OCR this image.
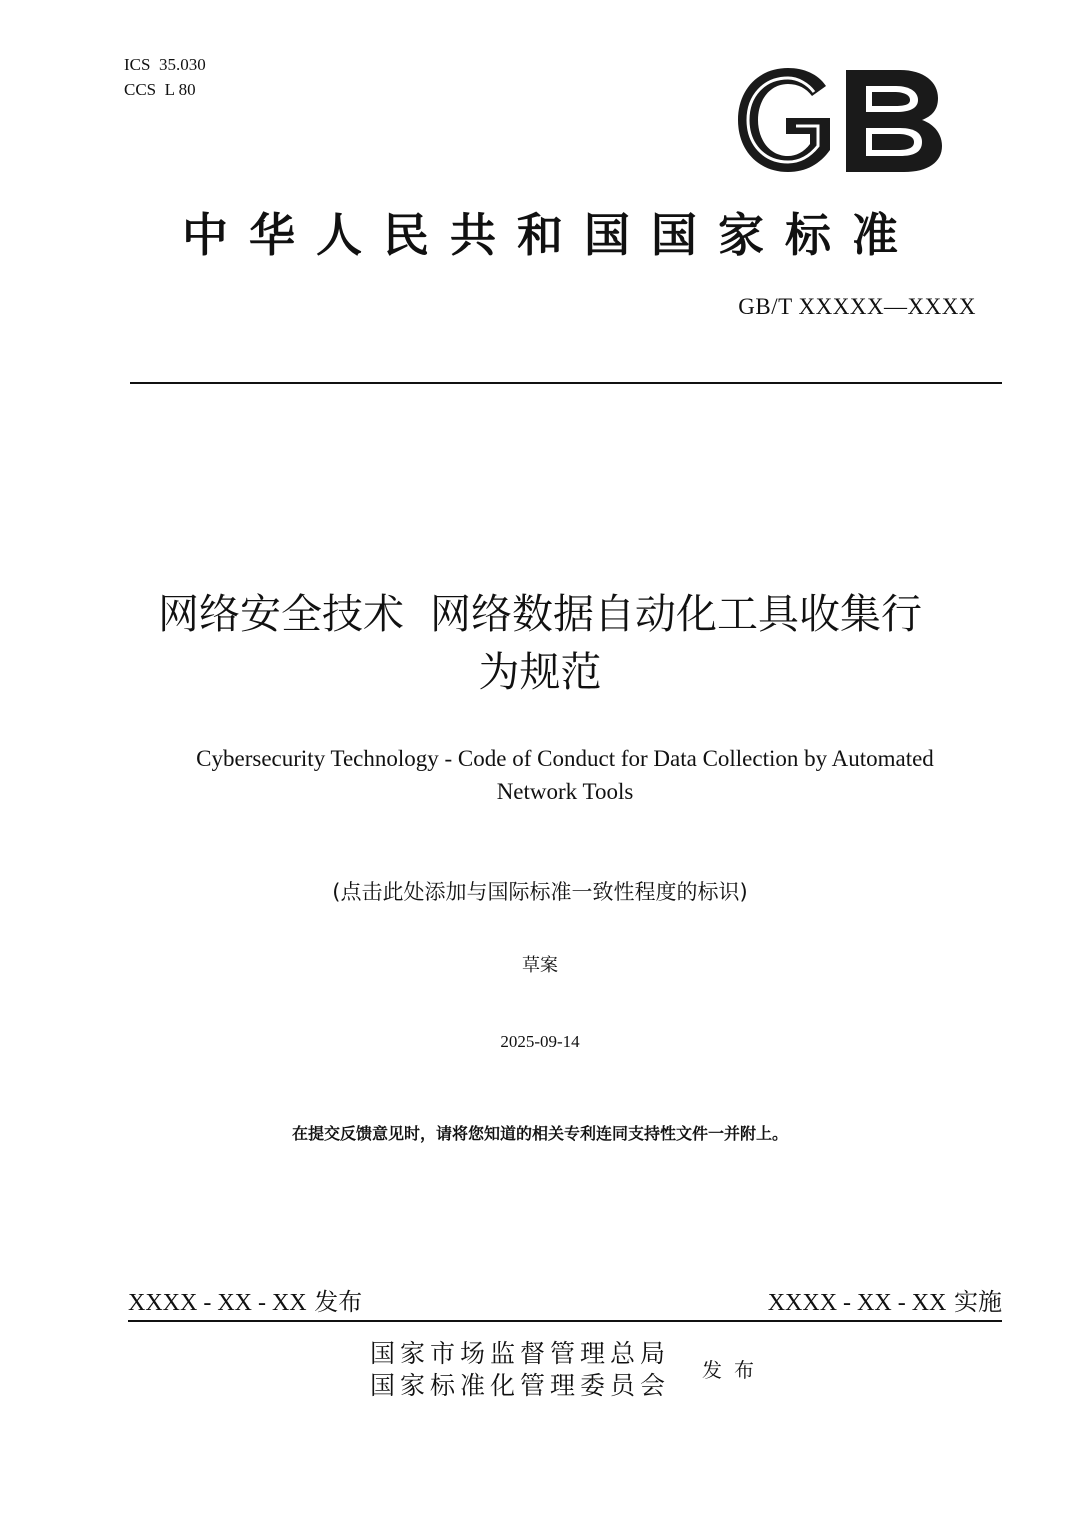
ICS  35.030
CCS  L 80
中华人民共和国国家标准
GB/T XXXXX—XXXX
网络安全技术  网络数据自动化工具收集行
为规范
Cybersecurity Technology - Code of Conduct for Data Collection by Automated
Network Tools
(点击此处添加与国际标准一致性程度的标识)
草案
2025-09-14
在提交反馈意见时，请将您知道的相关专利连同支持性文件一并附上。
XXXX - XX - XX 发布	XXXX - XX - XX 实施
国家市场监督管理总局
国家标准化管理委员会
发布
